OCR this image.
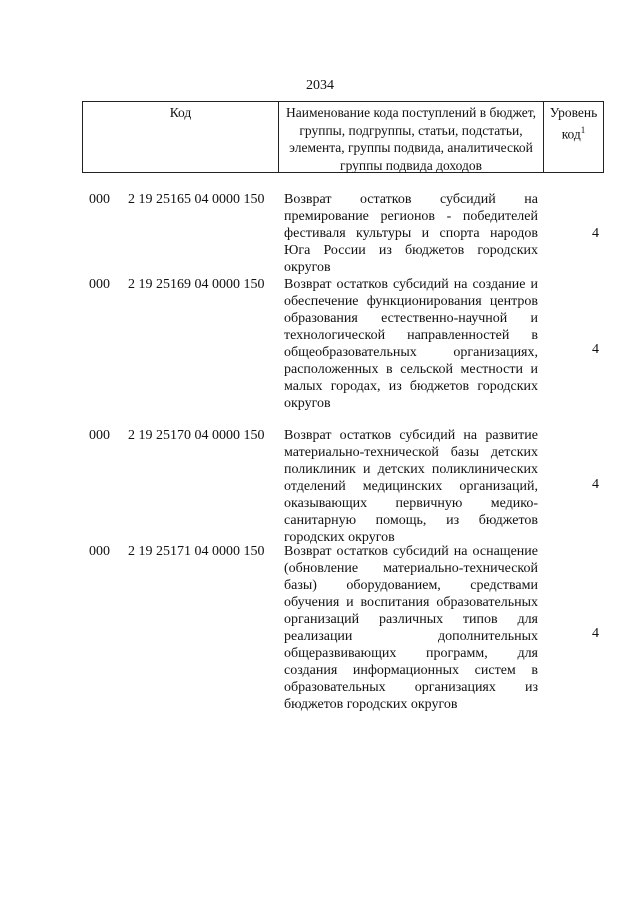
2034
Код	Наименование кода поступлений в бюджет, группы, подгруппы, статьи, подстатьи, элемента, группы подвида, аналитической группы подвида доходов
Уровень код$^1$
000 2 19 25165 04 0000 150 Возврат остатков субсидий на премирование регионов - победителей фестиваля культуры и спорта народов Юга России из бюджетов городских округов
4
000 2 19 25169 04 0000 150 Возврат остатков субсидий на создание и обеспечение функционирования центров образования естественно-научной и технологической направленностей в общеобразовательных организациях, расположенных в сельской местности и малых городах, из бюджетов городских округов
4
000 2 19 25170 04 0000 150 Возврат остатков субсидий на развитие материально-технической базы детских поликлиник и детских поликлинических отделений медицинских организаций, оказывающих первичную медико-санитарную помощь, из бюджетов городских округов
4
000 2 19 25171 04 0000 150 Возврат остатков субсидий на оснащение (обновление материально-технической базы) оборудованием, средствами обучения и воспитания образовательных организаций различных типов для реализации дополнительных общеразвивающих программ, для создания информационных систем в образовательных организациях из бюджетов городских округов
4
